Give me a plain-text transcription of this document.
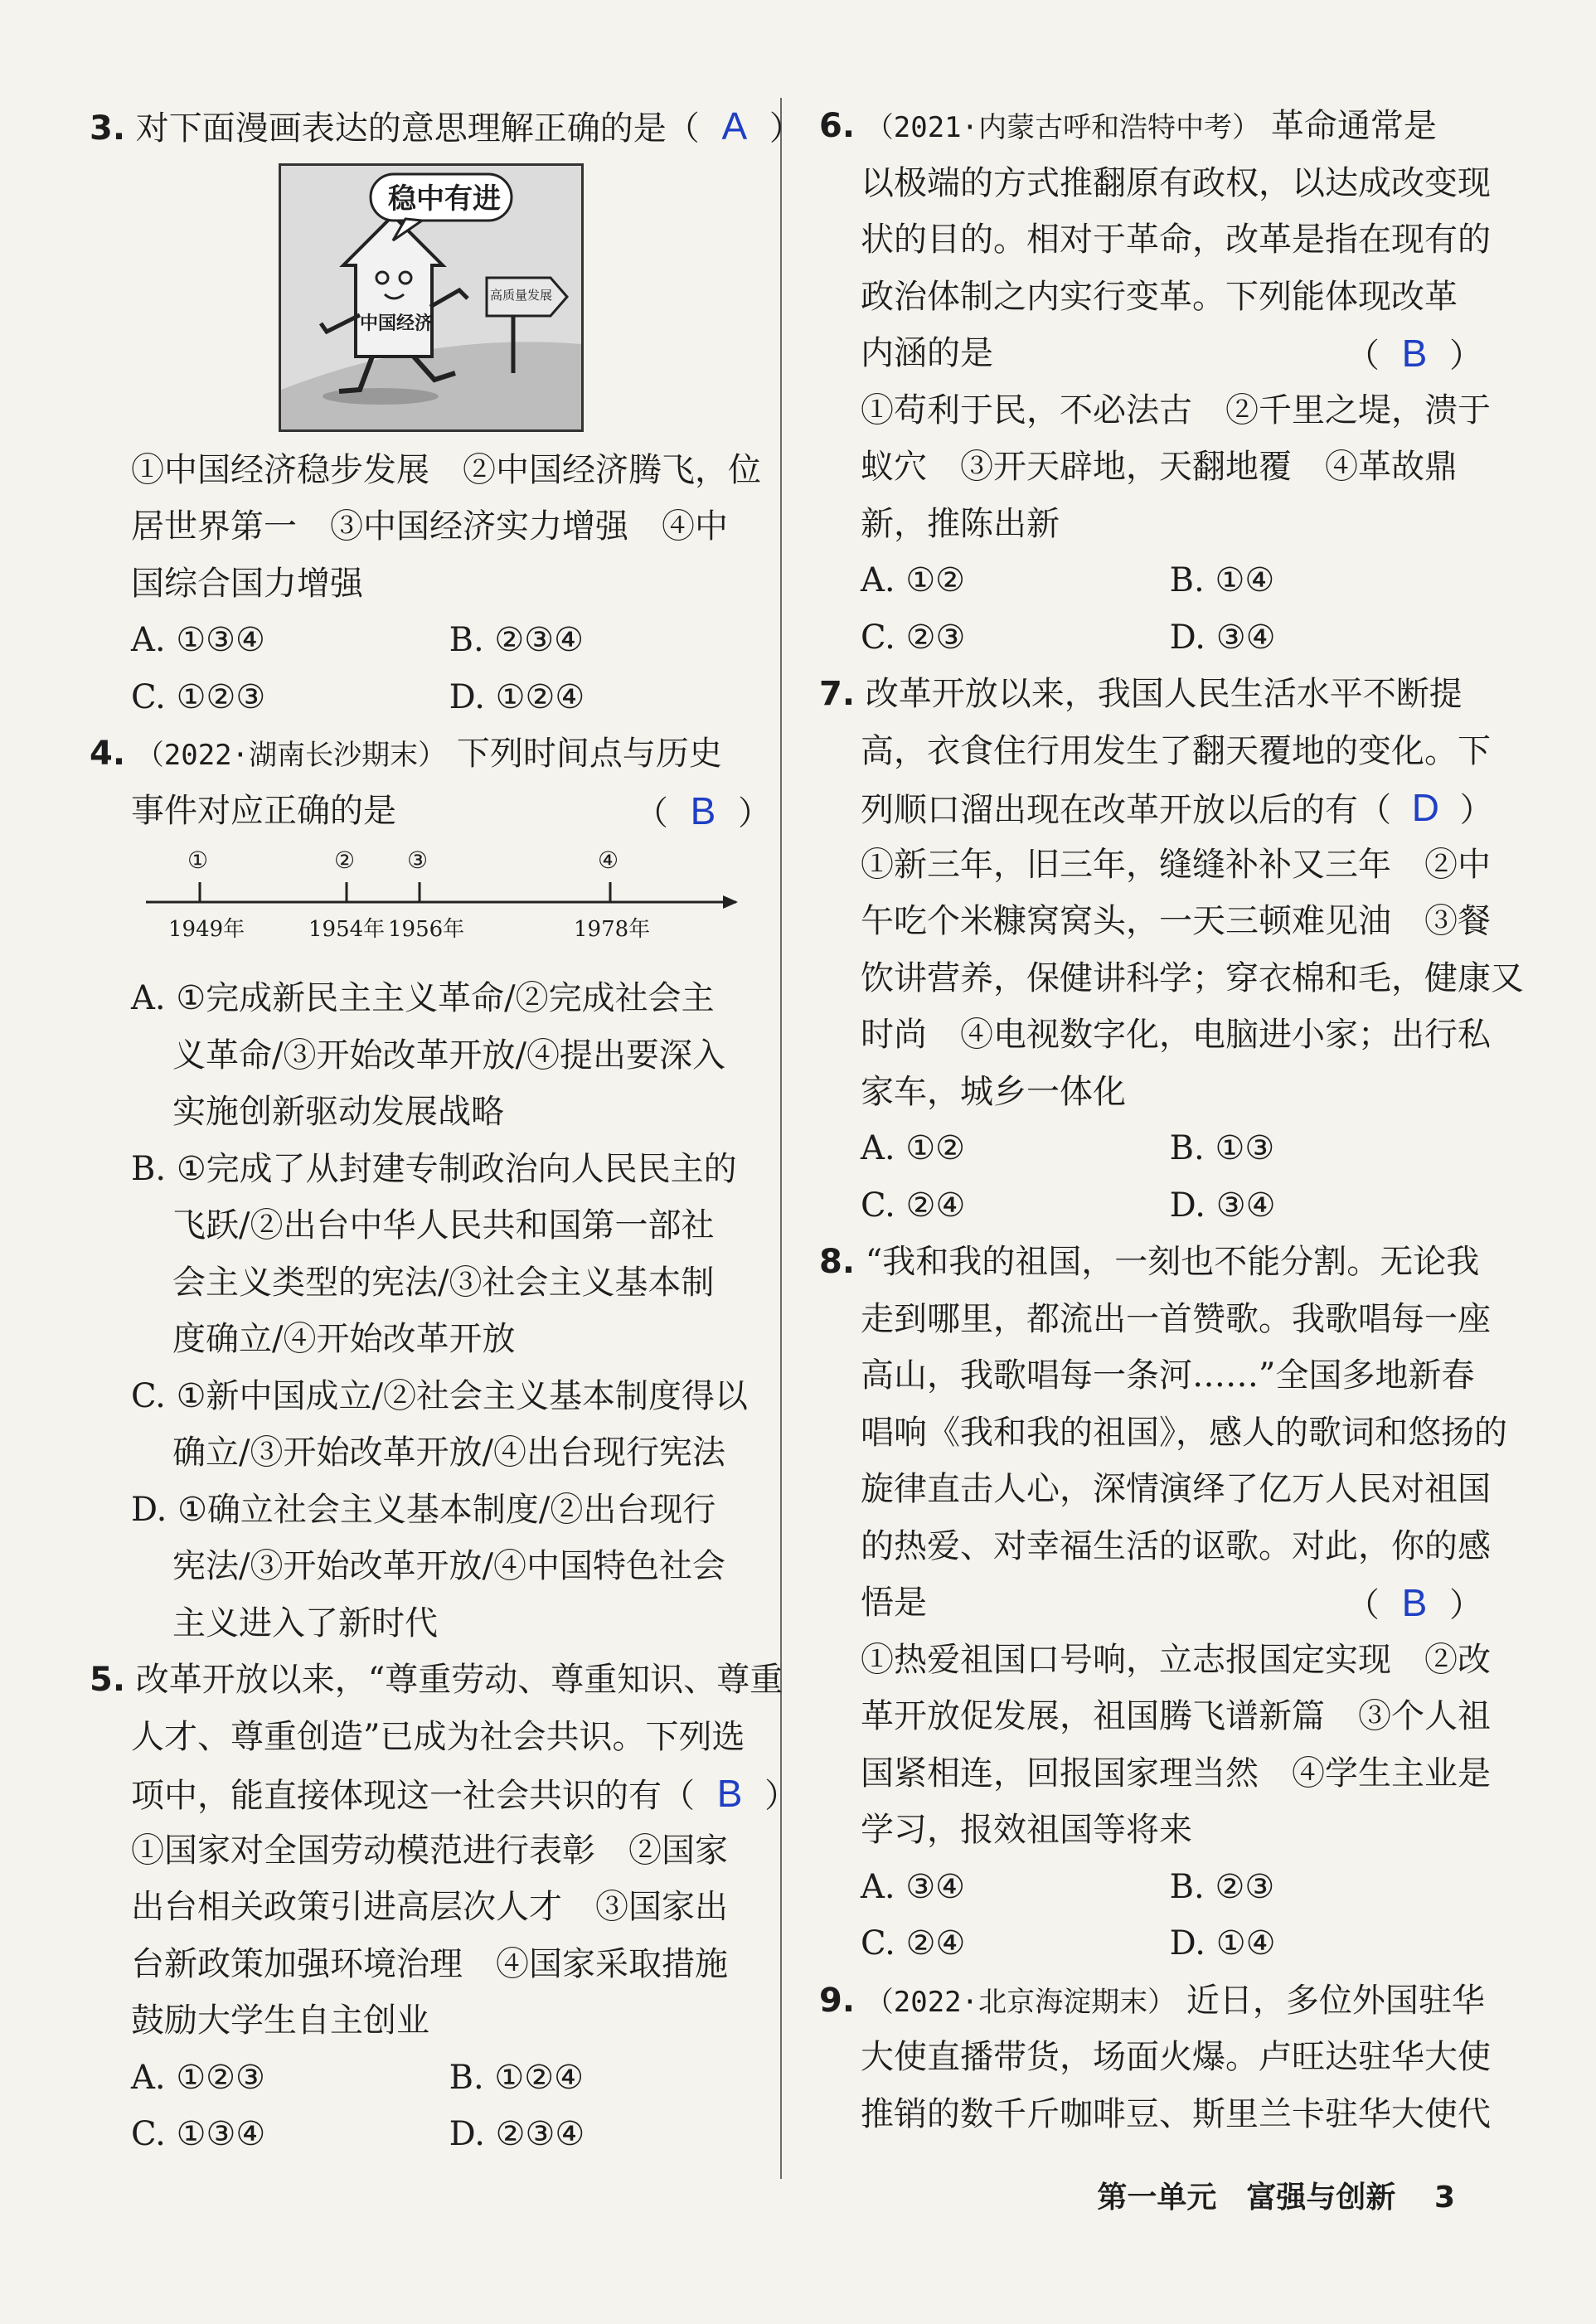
3. 对下面漫画表达的意思理解正确的是（ A ）
稳中有进
中国经济
高质量发展
①中国经济稳步发展　②中国经济腾飞，位
居世界第一　③中国经济实力增强　④中
国综合国力增强
A. ①③④	B. ②③④
C. ①②③	D. ①②④
4. （2022·湖南长沙期末） 下列时间点与历史
事件对应正确的是	（ B ）
①	② ③	④
1949年	1954年 1956年	1978年
A. ①完成新民主主义革命/②完成社会主
义革命/③开始改革开放/④提出要深入
实施创新驱动发展战略
B. ①完成了从封建专制政治向人民民主的
飞跃/②出台中华人民共和国第一部社
会主义类型的宪法/③社会主义基本制
度确立/④开始改革开放
C. ①新中国成立/②社会主义基本制度得以
确立/③开始改革开放/④出台现行宪法
D. ①确立社会主义基本制度/②出台现行
宪法/③开始改革开放/④中国特色社会
主义进入了新时代
5. 改革开放以来，“尊重劳动、尊重知识、尊重
人才、尊重创造”已成为社会共识。下列选
项中，能直接体现这一社会共识的有（ B ）
①国家对全国劳动模范进行表彰　②国家
出台相关政策引进高层次人才　③国家出
台新政策加强环境治理　④国家采取措施
鼓励大学生自主创业
A. ①②③	B. ①②④
C. ①③④	D. ②③④
6. （2021·内蒙古呼和浩特中考） 革命通常是
以极端的方式推翻原有政权，以达成改变现
状的目的。相对于革命，改革是指在现有的
政治体制之内实行变革。下列能体现改革
内涵的是	（ B ）
①苟利于民，不必法古　②千里之堤，溃于
蚁穴　③开天辟地，天翻地覆　④革故鼎
新，推陈出新
A. ①②	B. ①④
C. ②③	D. ③④
7. 改革开放以来，我国人民生活水平不断提
高，衣食住行用发生了翻天覆地的变化。下
列顺口溜出现在改革开放以后的有（ D ）
①新三年，旧三年，缝缝补补又三年　②中
午吃个米糠窝窝头，一天三顿难见油　③餐
饮讲营养，保健讲科学；穿衣棉和毛，健康又
时尚　④电视数字化，电脑进小家；出行私
家车，城乡一体化
A. ①②	B. ①③
C. ②④	D. ③④
8. “我和我的祖国，一刻也不能分割。无论我
走到哪里，都流出一首赞歌。我歌唱每一座
高山，我歌唱每一条河……”全国多地新春
唱响《我和我的祖国》，感人的歌词和悠扬的
旋律直击人心，深情演绎了亿万人民对祖国
的热爱、对幸福生活的讴歌。对此，你的感
悟是	（ B ）
①热爱祖国口号响，立志报国定实现　②改
革开放促发展，祖国腾飞谱新篇　③个人祖
国紧相连，回报国家理当然　④学生主业是
学习，报效祖国等将来
A. ③④	B. ②③
C. ②④	D. ①④
9. （2022·北京海淀期末） 近日，多位外国驻华
大使直播带货，场面火爆。卢旺达驻华大使
推销的数千斤咖啡豆、斯里兰卡驻华大使代
第一单元　富强与创新 3
